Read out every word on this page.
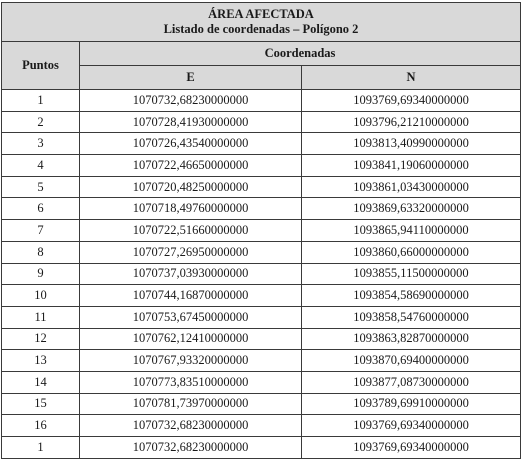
ÁREA AFECTADA
Listado de coordenadas – Polígono 2		

Puntos	Coordenadas	
	E	N
1	1070732,68230000000	1093769,69340000000
2	1070728,41930000000	1093796,21210000000
3	1070726,43540000000	1093813,40990000000
4	1070722,46650000000	1093841,19060000000
5	1070720,48250000000	1093861,03430000000
6	1070718,49760000000	1093869,63320000000
7	1070722,51660000000	1093865,94110000000
8	1070727,26950000000	1093860,66000000000
9	1070737,03930000000	1093855,11500000000
10	1070744,16870000000	1093854,58690000000
11	1070753,67450000000	1093858,54760000000
12	1070762,12410000000	1093863,82870000000
13	1070767,93320000000	1093870,69400000000
14	1070773,83510000000	1093877,08730000000
15	1070781,73970000000	1093789,69910000000
16	1070732,68230000000	1093769,69340000000
1	1070732,68230000000	1093769,69340000000
